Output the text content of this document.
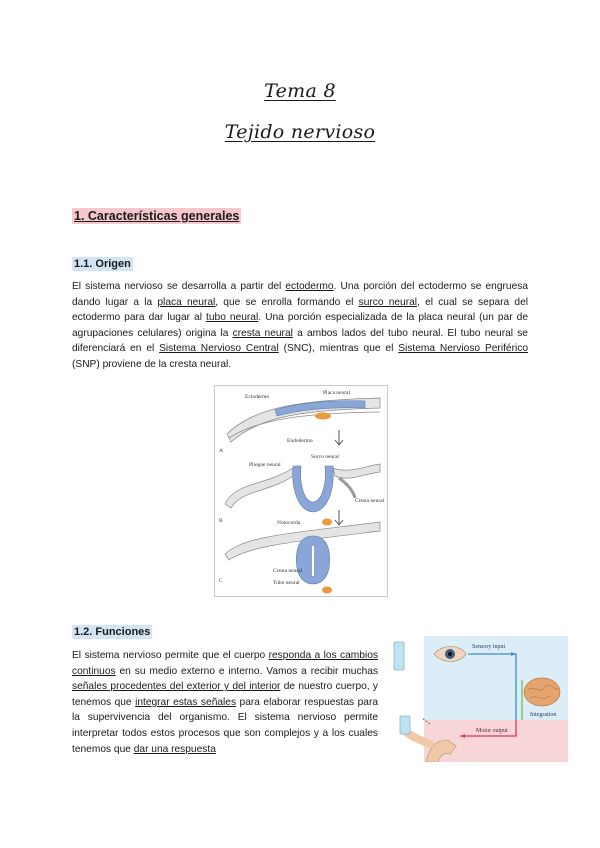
Tema 8
Tejido nervioso
1. Características generales
1.1. Origen

El sistema nervioso se desarrolla a partir del ectodermo. Una porción del ectodermo se engruesa dando lugar a la placa neural, que se enrolla formando el surco neural, el cual se separa del ectodermo para dar lugar al tubo neural. Una porción especializada de la placa neural (un par de agrupaciones celulares) origina la cresta neural a ambos lados del tubo neural. El tubo neural se diferenciará en el Sistema Nervioso Central (SNC), mientras que el Sistema Nervioso Periférico (SNP) proviene de la cresta neural.

Ectodermo
Placa neural
Endodermo
A
Pliegue neural
Surco neural
Cresta neural
Notocorda
B
Cresta neural
Tubo neural
C
1.2. Funciones

El sistema nervioso permite que el cuerpo responda a los cambios continuos en su medio externo e interno. Vamos a recibir muchas señales procedentes del exterior y del interior de nuestro cuerpo, y tenemos que integrar estas señales para elaborar respuestas para la supervivencia del organismo. El sistema nervioso permite interpretar todos estos procesos que son complejos y a los cuales tenemos que dar una respuesta

Sensory input
Integration
Motor output
